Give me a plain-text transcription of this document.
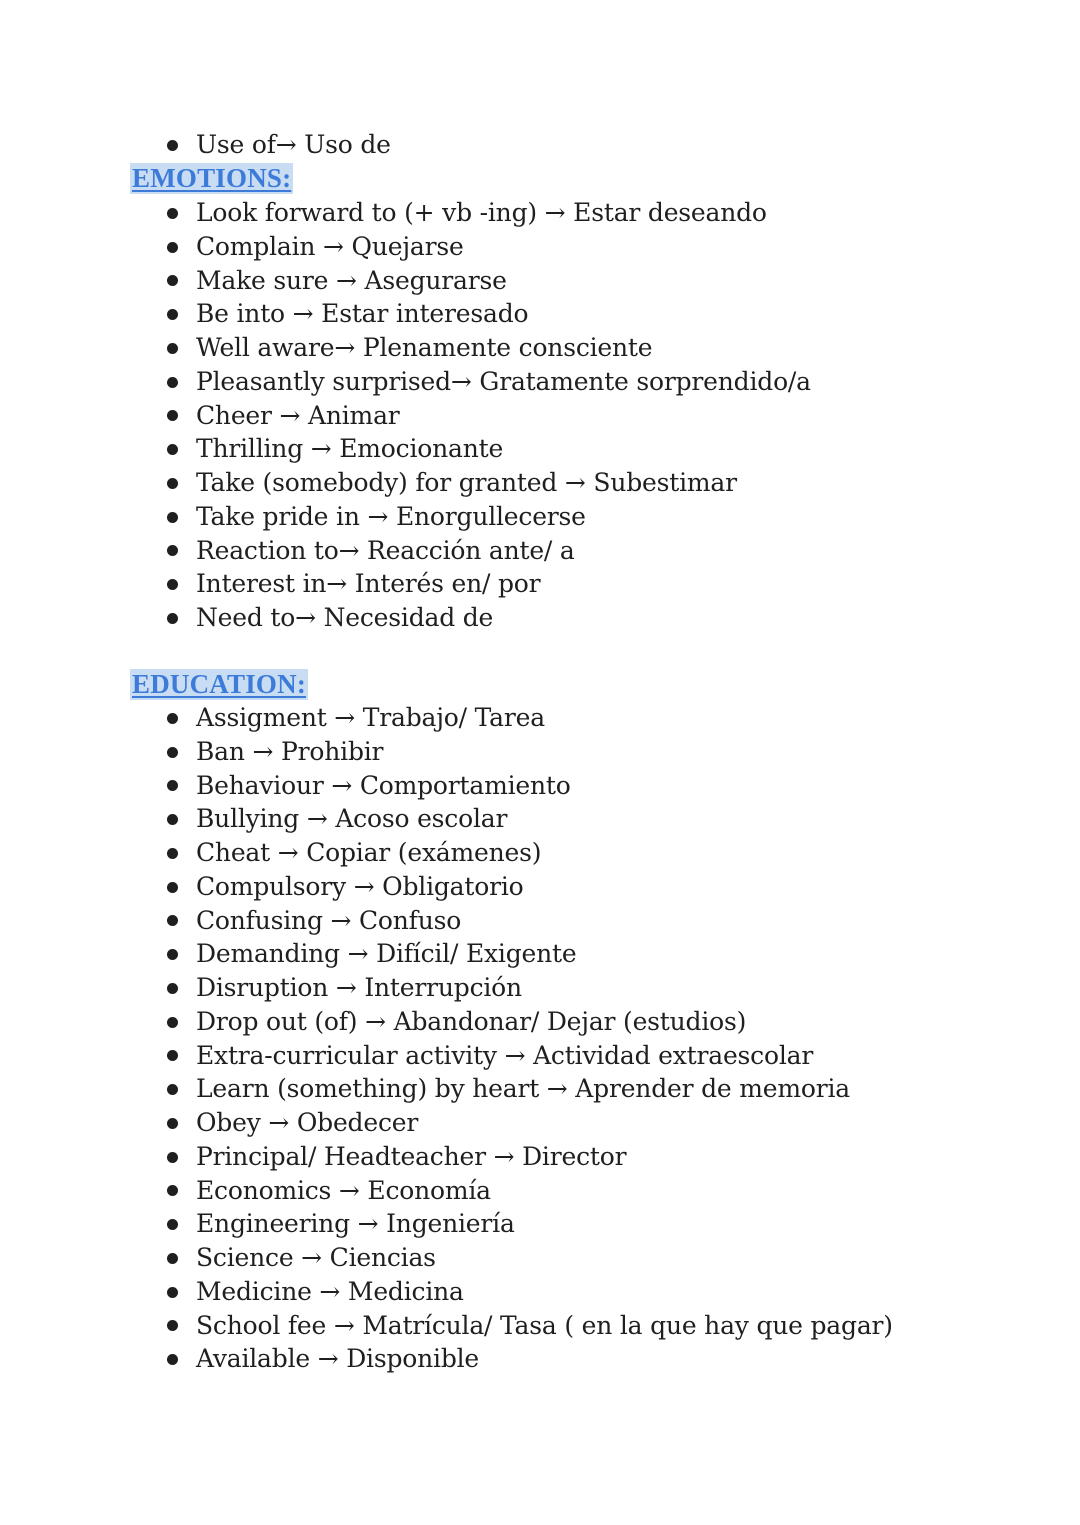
Use of→ Uso de
EMOTIONS:
Look forward to (+ vb -ing) → Estar deseando
Complain → Quejarse
Make sure → Asegurarse
Be into → Estar interesado
Well aware→ Plenamente consciente
Pleasantly surprised→ Gratamente sorprendido/a
Cheer → Animar
Thrilling → Emocionante
Take (somebody) for granted → Subestimar
Take pride in → Enorgullecerse
Reaction to→ Reacción ante/ a
Interest in→ Interés en/ por
Need to→ Necesidad de
EDUCATION:
Assigment → Trabajo/ Tarea
Ban → Prohibir
Behaviour → Comportamiento
Bullying → Acoso escolar
Cheat → Copiar (exámenes)
Compulsory → Obligatorio
Confusing → Confuso
Demanding → Difícil/ Exigente
Disruption → Interrupción
Drop out (of) → Abandonar/ Dejar (estudios)
Extra-curricular activity → Actividad extraescolar
Learn (something) by heart → Aprender de memoria
Obey → Obedecer
Principal/ Headteacher → Director
Economics → Economía
Engineering → Ingeniería
Science → Ciencias
Medicine → Medicina
School fee → Matrícula/ Tasa ( en la que hay que pagar)
Available → Disponible
